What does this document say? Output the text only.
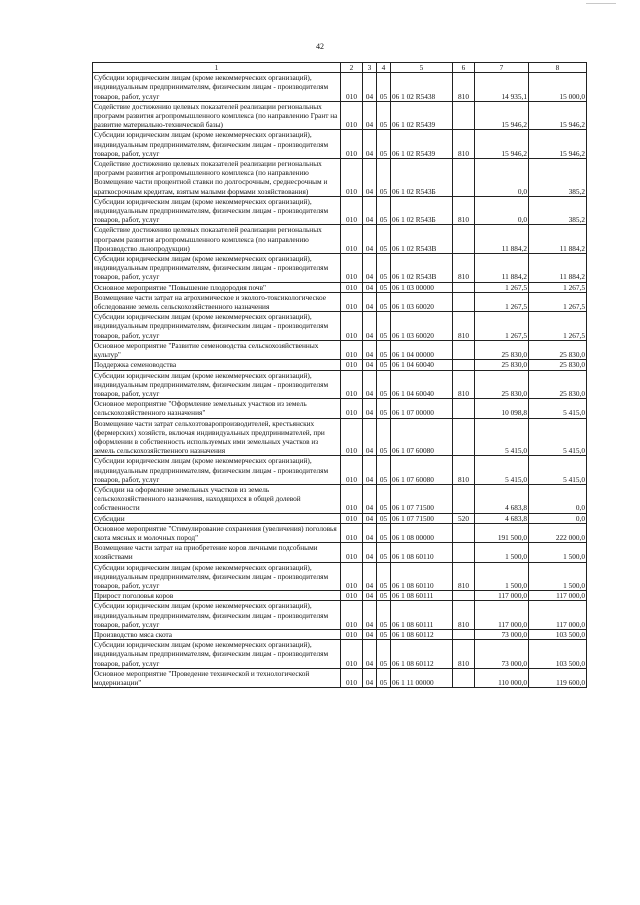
42
1	2	3	4	5	6	7	8
Субсидии юридическим лицам (кроме некоммерческих организаций), индивидуальным предпринимателям, физическим лицам - производителям товаров, работ, услуг	010	04	05	06 1 02 R5438	810	14 935,1	15 000,0
Содействие достижению целевых показателей реализации региональных программ развития агропромышленного комплекса (по направлению Грант на развитие материально-технической базы)	010	04	05	06 1 02 R5439		15 946,2	15 946,2
Субсидии юридическим лицам (кроме некоммерческих организаций), индивидуальным предпринимателям, физическим лицам - производителям товаров, работ, услуг	010	04	05	06 1 02 R5439	810	15 946,2	15 946,2
Содействие достижению целевых показателей реализации региональных программ развития агропромышленного комплекса (по направлению Возмещение части процентной ставки по долгосрочным, среднесрочным и краткосрочным кредитам, взятым малыми формами хозяйствования)	010	04	05	06 1 02 R543Б		0,0	385,2
Субсидии юридическим лицам (кроме некоммерческих организаций), индивидуальным предпринимателям, физическим лицам - производителям товаров, работ, услуг	010	04	05	06 1 02 R543Б	810	0,0	385,2
Содействие достижению целевых показателей реализации региональных программ развития агропромышленного комплекса (по направлению Производство льнопродукции)	010	04	05	06 1 02 R543В		11 884,2	11 884,2
Субсидии юридическим лицам (кроме некоммерческих организаций), индивидуальным предпринимателям, физическим лицам - производителям товаров, работ, услуг	010	04	05	06 1 02 R543В	810	11 884,2	11 884,2
Основное мероприятие "Повышение плодородия почв"	010	04	05	06 1 03 00000		1 267,5	1 267,5
Возмещение части затрат на агрохимическое и эколого-токсикологическое обследование земель сельскохозяйственного назначения	010	04	05	06 1 03 60020		1 267,5	1 267,5
Субсидии юридическим лицам (кроме некоммерческих организаций), индивидуальным предпринимателям, физическим лицам - производителям товаров, работ, услуг	010	04	05	06 1 03 60020	810	1 267,5	1 267,5
Основное мероприятие "Развитие семеноводства сельскохозяйственных культур"	010	04	05	06 1 04 00000		25 830,0	25 830,0
Поддержка семеноводства	010	04	05	06 1 04 60040		25 830,0	25 830,0
Субсидии юридическим лицам (кроме некоммерческих организаций), индивидуальным предпринимателям, физическим лицам - производителям товаров, работ, услуг	010	04	05	06 1 04 60040	810	25 830,0	25 830,0
Основное мероприятие "Оформление земельных участков из земель сельскохозяйственного назначения"	010	04	05	06 1 07 00000		10 098,8	5 415,0
Возмещение части затрат сельхозтоваропроизводителей, крестьянских (фермерских) хозяйств, включая индивидуальных предпринимателей, при оформлении в собственность используемых ими земельных участков из земель сельскохозяйственного назначения	010	04	05	06 1 07 60080		5 415,0	5 415,0
Субсидии юридическим лицам (кроме некоммерческих организаций), индивидуальным предпринимателям, физическим лицам - производителям товаров, работ, услуг	010	04	05	06 1 07 60080	810	5 415,0	5 415,0
Субсидии на оформление земельных участков из земель сельскохозяйственного назначения, находящихся в общей долевой собственности	010	04	05	06 1 07 71500		4 683,8	0,0
Субсидии	010	04	05	06 1 07 71500	520	4 683,8	0,0
Основное мероприятие "Стимулирование сохранения (увеличения) поголовья скота мясных и молочных пород"	010	04	05	06 1 08 00000		191 500,0	222 000,0
Возмещение части затрат на приобретение коров личными подсобными хозяйствами	010	04	05	06 1 08 60110		1 500,0	1 500,0
Субсидии юридическим лицам (кроме некоммерческих организаций), индивидуальным предпринимателям, физическим лицам - производителям товаров, работ, услуг	010	04	05	06 1 08 60110	810	1 500,0	1 500,0
Прирост поголовья коров	010	04	05	06 1 08 60111		117 000,0	117 000,0
Субсидии юридическим лицам (кроме некоммерческих организаций), индивидуальным предпринимателям, физическим лицам - производителям товаров, работ, услуг	010	04	05	06 1 08 60111	810	117 000,0	117 000,0
Производство мяса скота	010	04	05	06 1 08 60112		73 000,0	103 500,0
Субсидии юридическим лицам (кроме некоммерческих организаций), индивидуальным предпринимателям, физическим лицам - производителям товаров, работ, услуг	010	04	05	06 1 08 60112	810	73 000,0	103 500,0
Основное мероприятие "Проведение технической и технологической модернизации"	010	04	05	06 1 11 00000		110 000,0	119 600,0
